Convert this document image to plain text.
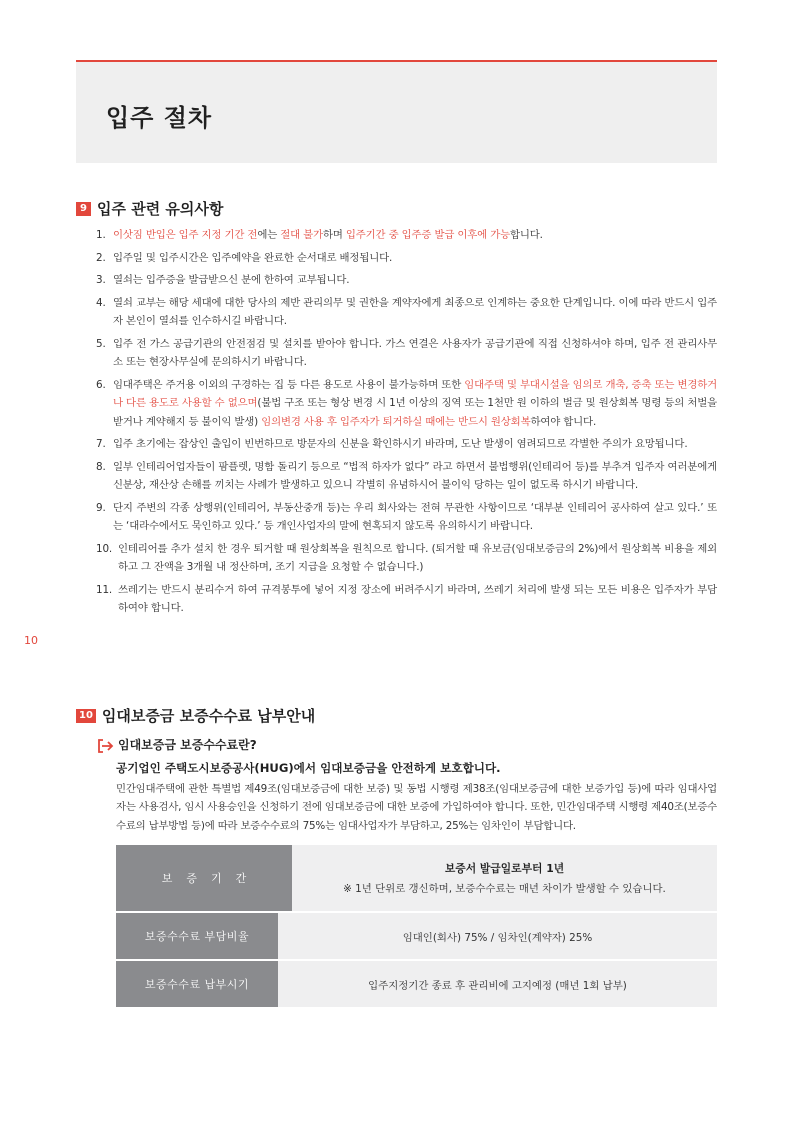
입주 절차
9 입주 관련 유의사항
1. 이삿짐 반입은 입주 지정 기간 전에는 절대 불가하며 입주기간 중 입주증 발급 이후에 가능합니다.
2. 입주일 및 입주시간은 입주예약을 완료한 순서대로 배정됩니다.
3. 열쇠는 입주증을 발급받으신 분에 한하여 교부됩니다.
4. 열쇠 교부는 해당 세대에 대한 당사의 제반 관리의무 및 권한을 계약자에게 최종으로 인계하는 중요한 단계입니다. 이에 따라 반드시 입주자 본인이 열쇠를 인수하시길 바랍니다.
5. 입주 전 가스 공급기관의 안전점검 및 설치를 받아야 합니다. 가스 연결은 사용자가 공급기관에 직접 신청하셔야 하며, 입주 전 관리사무소 또는 현장사무실에 문의하시기 바랍니다.
6. 임대주택은 주거용 이외의 구경하는 집 등 다른 용도로 사용이 불가능하며 또한 임대주택 및 부대시설을 임의로 개축, 증축 또는 변경하거나 다른 용도로 사용할 수 없으며(불법 구조 또는 형상 변경 시 1년 이상의 징역 또는 1천만 원 이하의 벌금 및 원상회복 명령 등의 처벌을 받거나 계약해지 등 불이익 발생) 임의변경 사용 후 입주자가 퇴거하실 때에는 반드시 원상회복하여야 합니다.
7. 입주 초기에는 잡상인 출입이 빈번하므로 방문자의 신분을 확인하시기 바라며, 도난 발생이 염려되므로 각별한 주의가 요망됩니다.
8. 일부 인테리어업자들이 팜플렛, 명함 돌리기 등으로 “법적 하자가 없다” 라고 하면서 불법행위(인테리어 등)를 부추겨 입주자 여러분에게 신분상, 재산상 손해를 끼치는 사례가 발생하고 있으니 각별히 유념하시어 불이익 당하는 일이 없도록 하시기 바랍니다.
9. 단지 주변의 각종 상행위(인테리어, 부동산중개 등)는 우리 회사와는 전혀 무관한 사항이므로 ‘대부분 인테리어 공사하여 살고 있다.’ 또는 ‘대라수에서도 묵인하고 있다.’ 등 개인사업자의 말에 현혹되지 않도록 유의하시기 바랍니다.
10. 인테리어를 추가 설치 한 경우 퇴거할 때 원상회복을 원칙으로 합니다. (퇴거할 때 유보금(임대보증금의 2%)에서 원상회복 비용을 제외하고 그 잔액을 3개월 내 정산하며, 조기 지급을 요청할 수 없습니다.)
11. 쓰레기는 반드시 분리수거 하여 규격봉투에 넣어 지정 장소에 버려주시기 바라며, 쓰레기 처리에 발생 되는 모든 비용은 입주자가 부담하여야 합니다.
10
10 임대보증금 보증수수료 납부안내
임대보증금 보증수수료란?
공기업인 주택도시보증공사(HUG)에서 임대보증금을 안전하게 보호합니다.

민간임대주택에 관한 특별법 제49조(임대보증금에 대한 보증) 및 동법 시행령 제38조(임대보증금에 대한 보증가입 등)에 따라 임대사업자는 사용검사, 임시 사용승인을 신청하기 전에 임대보증금에 대한 보증에 가입하여야 합니다. 또한, 민간임대주택 시행령 제40조(보증수수료의 납부방법 등)에 따라 보증수수료의 75%는 임대사업자가 부담하고, 25%는 임차인이 부담합니다.

보증기간
보증서 발급일로부터 1년
※ 1년 단위로 갱신하며, 보증수수료는 매년 차이가 발생할 수 있습니다.
보증수수료 부담비율	임대인(회사) 75% / 임차인(계약자) 25%
보증수수료 납부시기	입주지정기간 종료 후 관리비에 고지예정 (매년 1회 납부)
